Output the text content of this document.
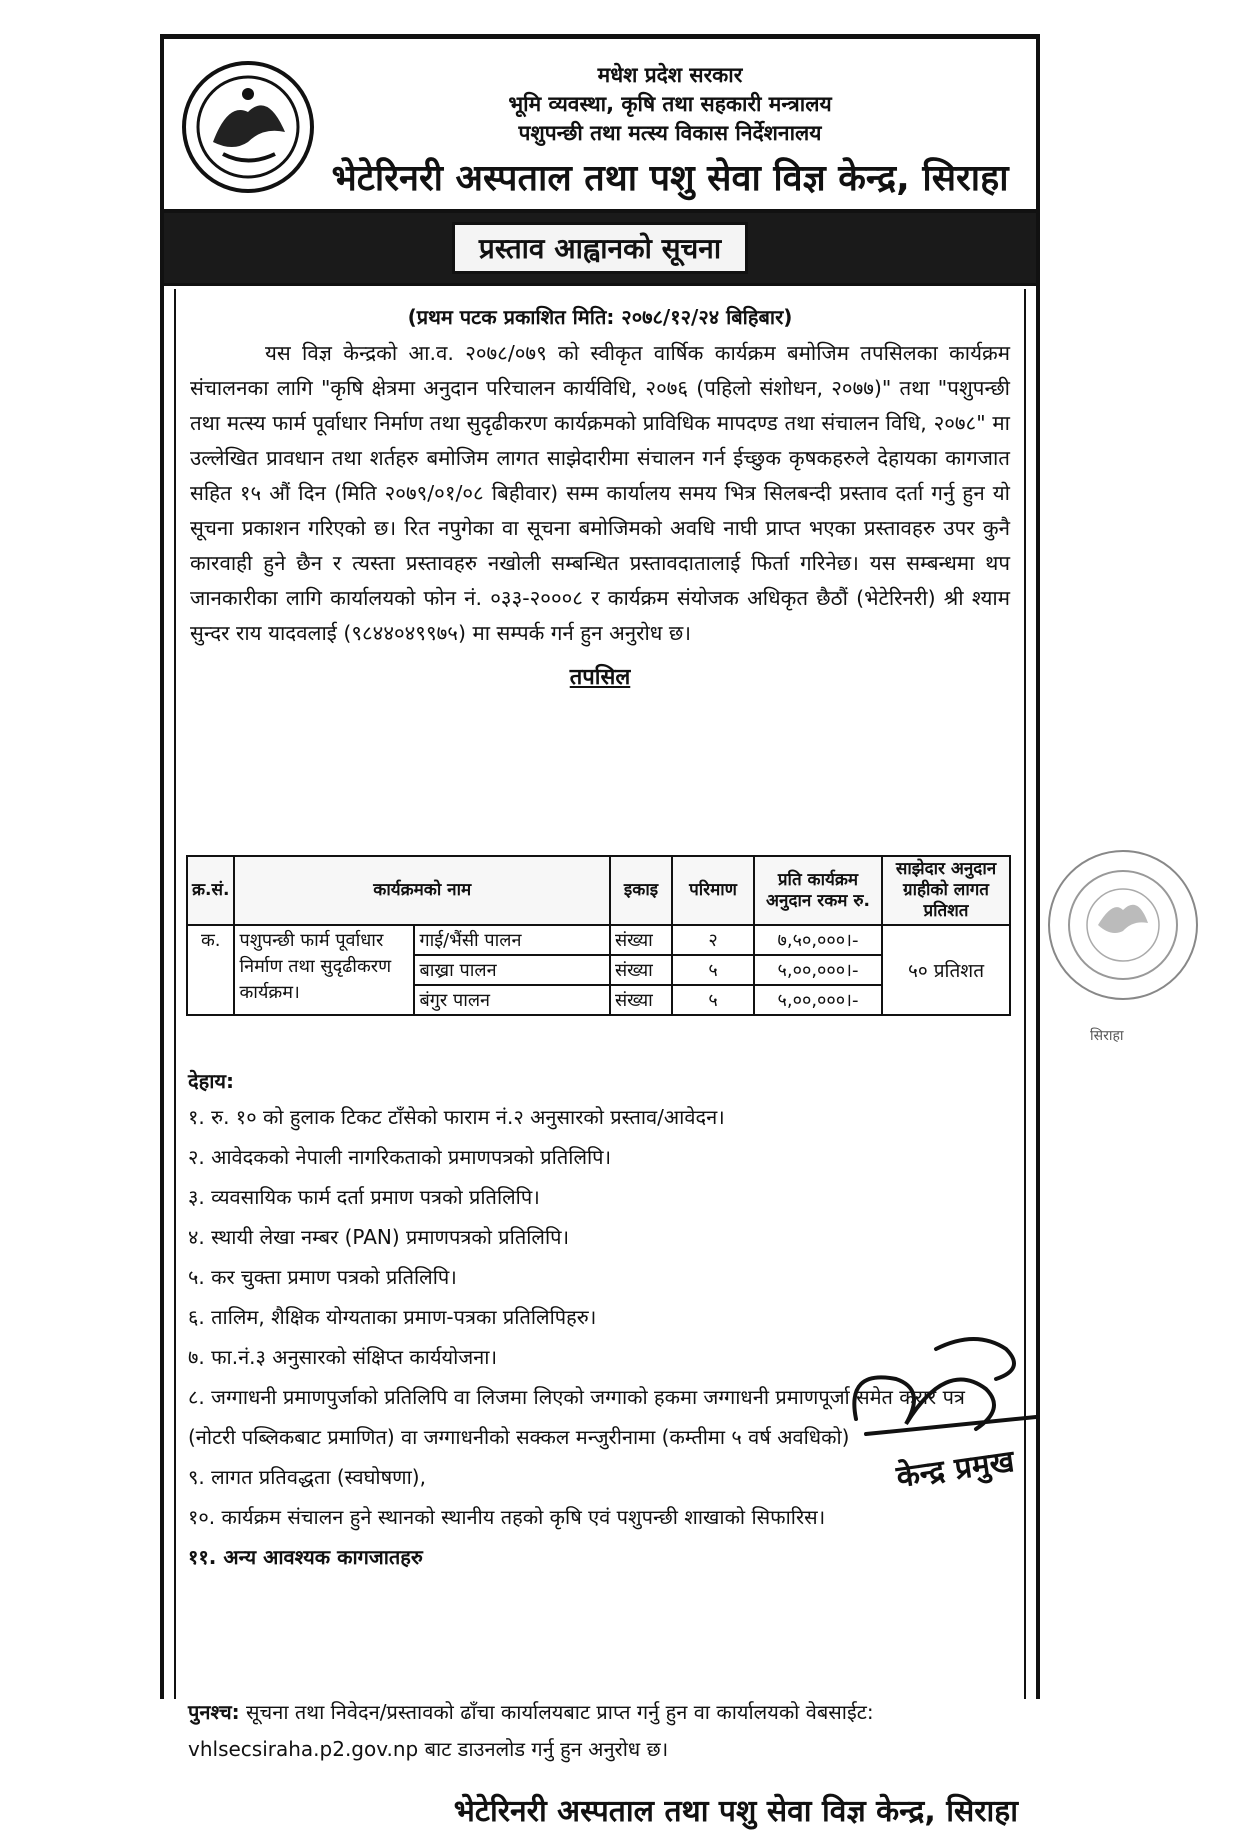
मधेश प्रदेश सरकार
भूमि व्यवस्था, कृषि तथा सहकारी मन्त्रालय
पशुपन्छी तथा मत्स्य विकास निर्देशनालय
भेटेरिनरी अस्पताल तथा पशु सेवा विज्ञ केन्द्र, सिराहा
प्रस्ताव आह्वानको सूचना
(प्रथम पटक प्रकाशित मिति: २०७८/१२/२४ बिहिबार)

यस विज्ञ केन्द्रको आ.व. २०७८/०७९ को स्वीकृत वार्षिक कार्यक्रम बमोजिम तपसिलका कार्यक्रम संचालनका लागि "कृषि क्षेत्रमा अनुदान परिचालन कार्यविधि, २०७६ (पहिलो संशोधन, २०७७)" तथा "पशुपन्छी तथा मत्स्य फार्म पूर्वाधार निर्माण तथा सुदृढीकरण कार्यक्रमको प्राविधिक मापदण्ड तथा संचालन विधि, २०७८" मा उल्लेखित प्रावधान तथा शर्तहरु बमोजिम लागत साझेदारीमा संचालन गर्न ईच्छुक कृषकहरुले देहायका कागजात सहित १५ औं दिन (मिति २०७९/०१/०८ बिहीवार) सम्म कार्यालय समय भित्र सिलबन्दी प्रस्ताव दर्ता गर्नु हुन यो सूचना प्रकाशन गरिएको छ। रित नपुगेका वा सूचना बमोजिमको अवधि नाघी प्राप्त भएका प्रस्तावहरु उपर कुनै कारवाही हुने छैन र त्यस्ता प्रस्तावहरु नखोली सम्बन्धित प्रस्तावदातालाई फिर्ता गरिनेछ। यस सम्बन्धमा थप जानकारीका लागि कार्यालयको फोन नं. ०३३-२०००८ र कार्यक्रम संयोजक अधिकृत छैठौं (भेटेरिनरी) श्री श्याम सुन्दर राय यादवलाई (९८४४०४९९७५) मा सम्पर्क गर्न हुन अनुरोध छ।

तपसिल
क्र.सं.	कार्यक्रमको नाम		इकाइ	परिमाण	प्रति कार्यक्रम अनुदान रकम रु.	साझेदार अनुदान ग्राहीको लागत प्रतिशत
क.	पशुपन्छी फार्म पूर्वाधार निर्माण तथा सुदृढीकरण कार्यक्रम।	गाई/भैंसी पालन	संख्या	२	७,५०,०००।-	५० प्रतिशत
		बाख्रा पालन	संख्या	५	५,००,०००।-	
		बंगुर पालन	संख्या	५	५,००,०००।-	
देहाय:
१. रु. १० को हुलाक टिकट टाँसेको फाराम नं.२ अनुसारको प्रस्ताव/आवेदन।
२. आवेदकको नेपाली नागरिकताको प्रमाणपत्रको प्रतिलिपि।
३. व्यवसायिक फार्म दर्ता प्रमाण पत्रको प्रतिलिपि।
४. स्थायी लेखा नम्बर (PAN) प्रमाणपत्रको प्रतिलिपि।
५. कर चुक्ता प्रमाण पत्रको प्रतिलिपि।
६. तालिम, शैक्षिक योग्यताका प्रमाण-पत्रका प्रतिलिपिहरु।
७. फा.नं.३ अनुसारको संक्षिप्त कार्ययोजना।
८. जग्गाधनी प्रमाणपुर्जाको प्रतिलिपि वा लिजमा लिएको जग्गाको हकमा जग्गाधनी प्रमाणपूर्जा समेत करार पत्र (नोटरी पब्लिकबाट प्रमाणित) वा जग्गाधनीको सक्कल मन्जुरीनामा (कम्तीमा ५ वर्ष अवधिको)
९. लागत प्रतिवद्धता (स्वघोषणा),
१०. कार्यक्रम संचालन हुने स्थानको स्थानीय तहको कृषि एवं पशुपन्छी शाखाको सिफारिस।
११. अन्य आवश्यक कागजातहरु
केन्द्र प्रमुख
पुनश्च: सूचना तथा निवेदन/प्रस्तावको ढाँचा कार्यालयबाट प्राप्त गर्नु हुन वा कार्यालयको वेबसाईट: vhlsecsiraha.p2.gov.np बाट डाउनलोड गर्नु हुन अनुरोध छ।
भेटेरिनरी अस्पताल तथा पशु सेवा विज्ञ केन्द्र, सिराहा
सिराहा
